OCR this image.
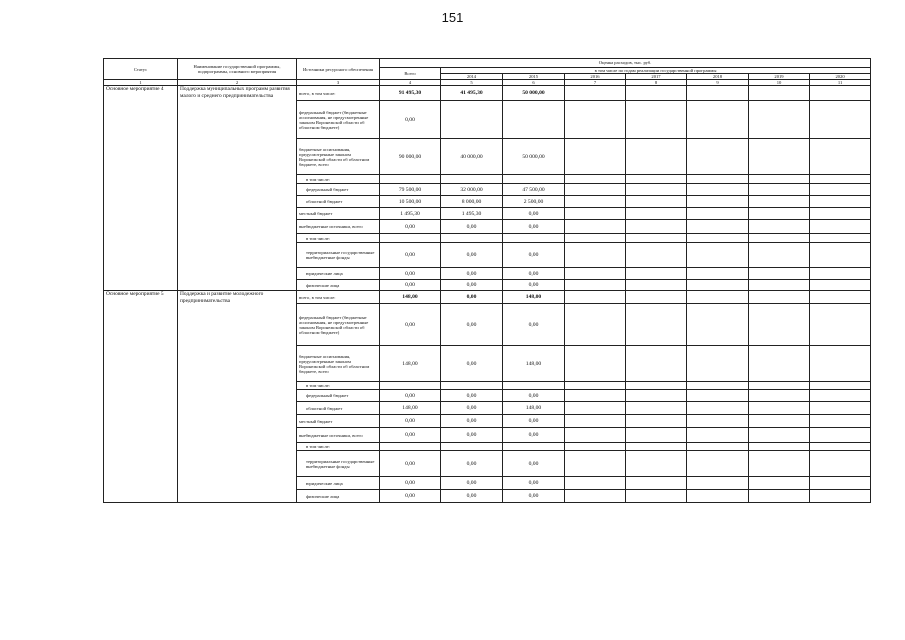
151
Статус	Наименование государственной программы, подпрограммы, основного мероприятия	Источники ресурсного обеспечения	Оценка расходов, тыс. руб.							
			Всего	в том числе по годам реализации государственной программы						
				2014	2015	2016	2017	2018	2019	2020
1	2	3	4	5	6	7	8	9	10	11
Основное мероприятие 4	Поддержка муниципальных программ развития малого и среднего предпринимательства	всего, в том числе:	91 495,30	41 495,30	50 000,00					
		федеральный бюджет (бюджетные ассигнования, не предусмотренные законом Воронежской области об областном бюджете)	0,00							
		бюджетные ассигнования, предусмотренные законом Воронежской области об областном бюджете, всего	90 000,00	40 000,00	50 000,00					
		в том числе:								
		федеральный бюджет	79 500,00	32 000,00	47 500,00					
		областной бюджет	10 500,00	8 000,00	2 500,00					
		местный бюджет	1 495,30	1 495,30	0,00					
		внебюджетные источники, всего	0,00	0,00	0,00					
		в том числе:								
		территориальные государственные внебюджетные фонды	0,00	0,00	0,00					
		юридические лица	0,00	0,00	0,00					
		физические лица	0,00	0,00	0,00					
Основное мероприятие 5	Поддержка и развитие молодежного предпринимательства	всего, в том числе:	148,00	0,00	148,00					
		федеральный бюджет (бюджетные ассигнования, не предусмотренные законом Воронежской области об областном бюджете)	0,00	0,00	0,00					
		бюджетные ассигнования, предусмотренные законом Воронежской области об областном бюджете, всего	148,00	0,00	148,00					
		в том числе:								
		федеральный бюджет	0,00	0,00	0,00					
		областной бюджет	148,00	0,00	148,00					
		местный бюджет	0,00	0,00	0,00					
		внебюджетные источники, всего	0,00	0,00	0,00					
		в том числе:								
		территориальные государственные внебюджетные фонды	0,00	0,00	0,00					
		юридические лица	0,00	0,00	0,00					
		физические лица	0,00	0,00	0,00					
